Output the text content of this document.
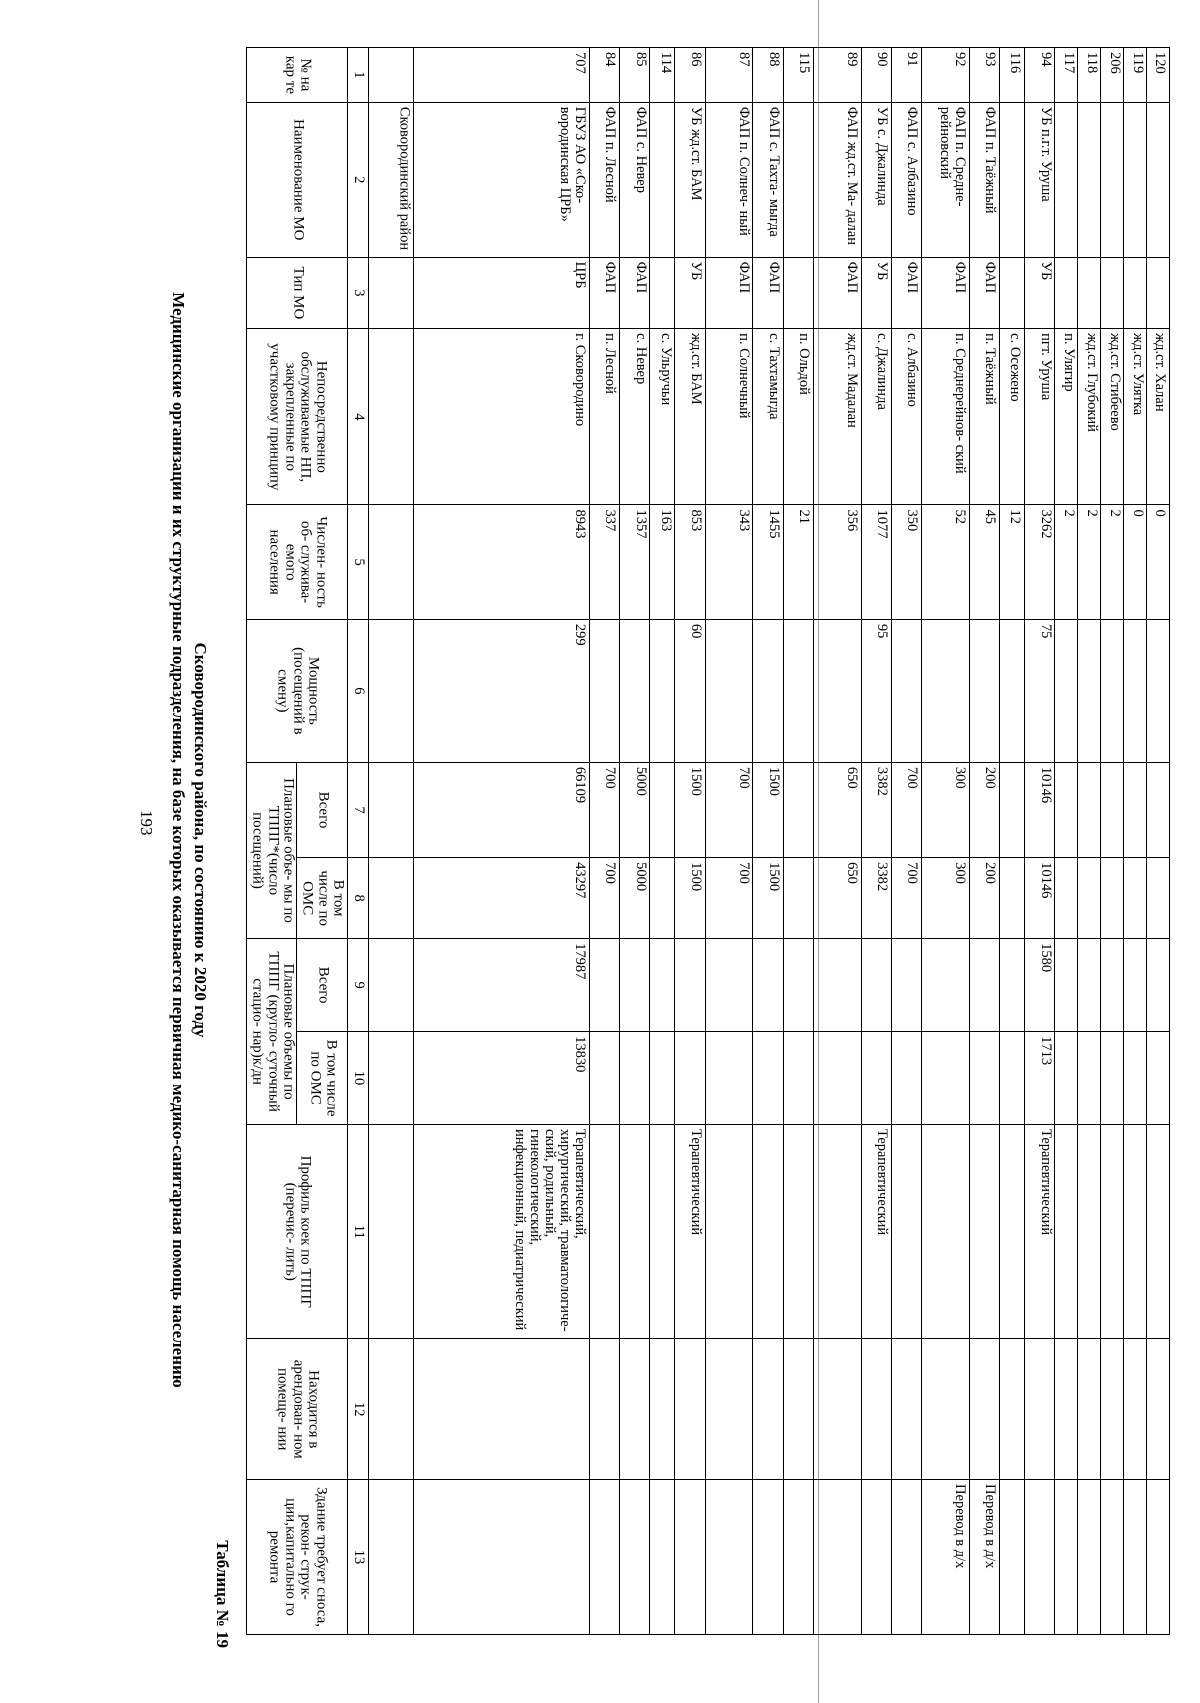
193 Медицинские организации и их структурные подразделения, на базе которых оказывается первичная медико-санитарная помощь населению Сковородинского района, по состоянию к 2020 году
Таблица № 19
№ на кар те	Наименование МО	Тип МО	Непосредственно обслуживаемые НП, закрепленные по участковому принципу	Числен- ность об- служива- емого населения	Мощность (посещений в смену)	Плановые объе- мы по ТППГ*(число посещений)		Плановые объемы по ТППГ (кругло- суточный стацио- нар)к/дн		Профиль коек по ТППГ (перечис- лить)	Находится в арендован- ном помеще- нии	Здание требует сноса, рекон- струк- ции,капитально го ремонта
						Всего	В том числе по ОМС	Всего	В том числе по ОМС			
1	2	3	4	5	6	7	8	9	10	11	12	13
	Сковородинский район											
707	ГБУЗ АО «Ско- вородинская ЦРБ»	ЦРБ	г. Сковородино	8943	299	66109	43297	17987	13830	Терапевтический, хирургический, травматологиче- ский, родильный, гинекологический, инфекционный, педиатрический		
84	ФАП п. Лесной	ФАП	п. Лесной	337		700	700					
85	ФАП с. Невер	ФАП	с. Невер	1357		5000	5000					
114			с. Ульручьи	163								
86	УБ жд.ст. БАМ	УБ	жд.ст. БАМ	853	60	1500	1500			Терапевтический		
87	ФАП п. Солнеч- ный	ФАП	п. Солнечный	343		700	700					
88	ФАП с. Тахта- мыгда	ФАП	с. Тахтамыгда	1455		1500	1500					
115			п. Ольдой	21								
89	ФАП жд.ст. Ма- далан	ФАП	жд.ст. Мадалан	356		650	650					
90	УБ с. Джалинда	УБ	с. Джалинда	1077	95	3382	3382			Терапевтический		
91	ФАП с. Албазино	ФАП	с. Албазино	350		700	700					
92	ФАП п. Средне- рейновский	ФАП	п. Среднерейнов- ский	52		300	300					Перевод в д/х
93	ФАП п. Таёжный	ФАП	п. Таёжный	45		200	200					Перевод в д/х
116			с. Осежено	12								
94	УБ п.г.т. Уруша	УБ	пгт. Уруша	3262	75	10146	10146	1580	1713	Терапевтический		
117			п. Улягир	2								
118			жд.ст. Глубокий	2								
206			жд.ст. Стибеево	2								
119			жд.ст. Улятка	0								
120			жд.ст. Халан	0								
